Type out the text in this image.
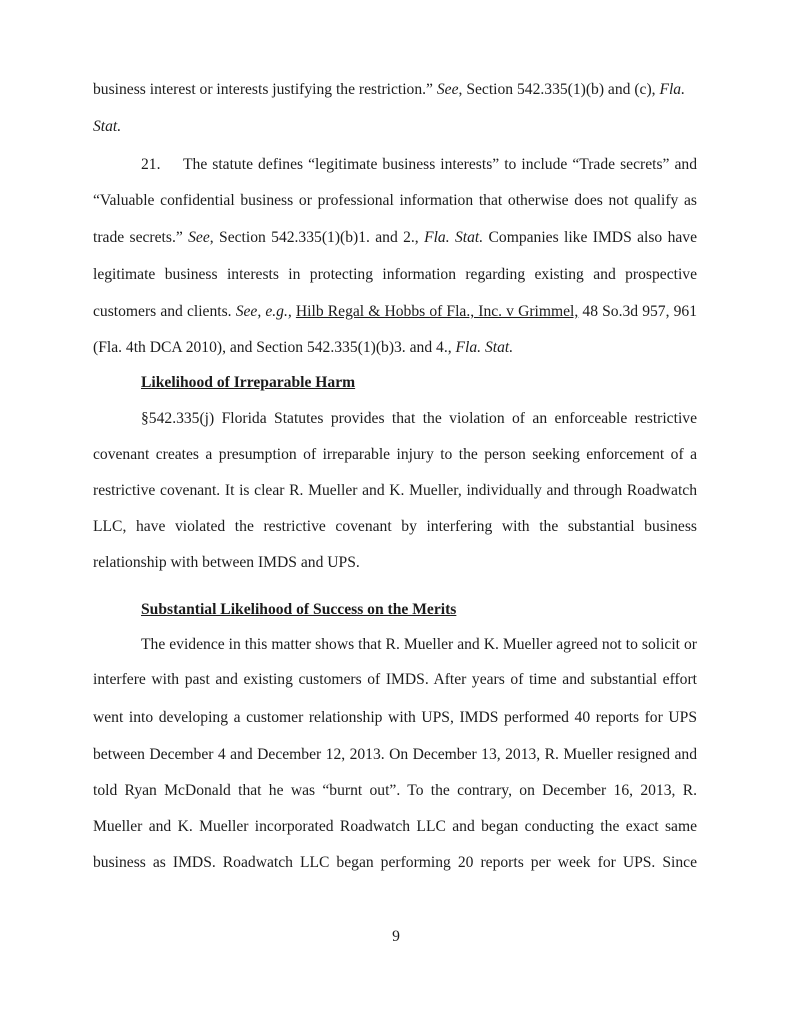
business interest or interests justifying the restriction.” See, Section 542.335(1)(b) and (c), Fla.
Stat.
21. The statute defines “legitimate business interests” to include “Trade secrets” and
“Valuable confidential business or professional information that otherwise does not qualify as
trade secrets.” See, Section 542.335(1)(b)1. and 2., Fla. Stat. Companies like IMDS also have
legitimate business interests in protecting information regarding existing and prospective
customers and clients. See, e.g., Hilb Regal & Hobbs of Fla., Inc. v Grimmel, 48 So.3d 957, 961
(Fla. 4th DCA 2010), and Section 542.335(1)(b)3. and 4., Fla. Stat.
Likelihood of Irreparable Harm
§542.335(j) Florida Statutes provides that the violation of an enforceable restrictive
covenant creates a presumption of irreparable injury to the person seeking enforcement of a
restrictive covenant. It is clear R. Mueller and K. Mueller, individually and through Roadwatch
LLC, have violated the restrictive covenant by interfering with the substantial business
relationship with between IMDS and UPS.
Substantial Likelihood of Success on the Merits
The evidence in this matter shows that R. Mueller and K. Mueller agreed not to solicit or
interfere with past and existing customers of IMDS. After years of time and substantial effort
went into developing a customer relationship with UPS, IMDS performed 40 reports for UPS
between December 4 and December 12, 2013. On December 13, 2013, R. Mueller resigned and
told Ryan McDonald that he was “burnt out”. To the contrary, on December 16, 2013, R.
Mueller and K. Mueller incorporated Roadwatch LLC and began conducting the exact same
business as IMDS. Roadwatch LLC began performing 20 reports per week for UPS. Since
9
